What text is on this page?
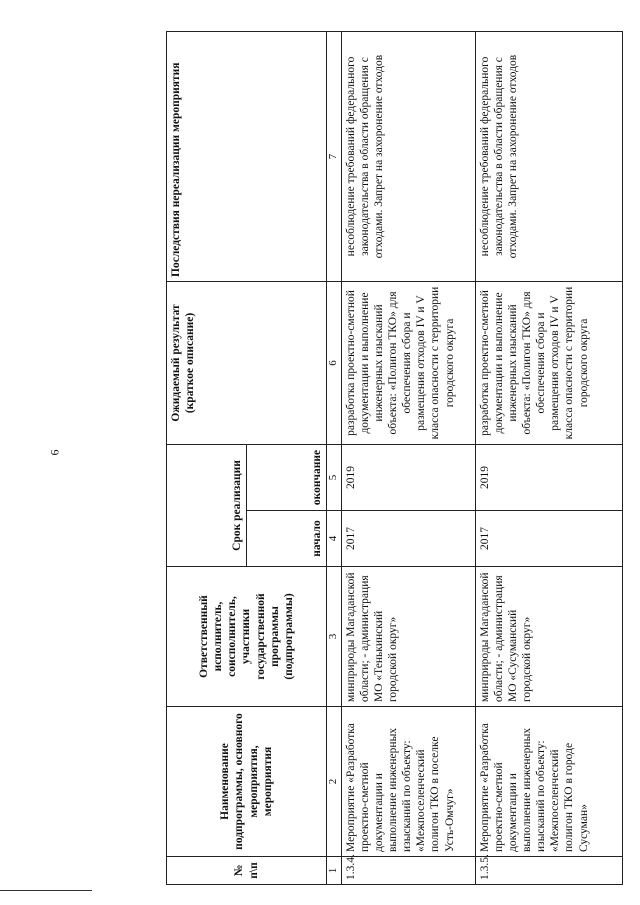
6
№ п\п	Наименование подпрограммы, основного мероприятия, мероприятия	Ответственный исполнитель, соисполнитель, участники государственной программы (подпрограммы)	Срок реализации		Ожидаемый результат (краткое описание)	Последствия нереализации мероприятия
			начало	окончание		
1	2	3	4	5	6	7
1.3.4.	Мероприятие «Разработка проектно-сметной документации и выполнение инженерных изысканий по объекту: «Межпоселенческий полигон ТКО в поселке Усть-Омчуг»	минприроды Магаданской области; - администрация МО «Тенькинский городской округ»	2017	2019	разработка проектно-сметной документации и выполнение инженерных изысканий объекта: «Полигон ТКО» для обеспечения сбора и размещения отходов IV и V класса опасности с территории городского округа	несоблюдение требований федерального законодательства в области обращения с отходами. Запрет на захоронение отходов
1.3.5.	Мероприятие «Разработка проектно-сметной документации и выполнение инженерных изысканий по объекту: «Межпоселенческий полигон ТКО в городе Сусуман»	минприроды Магаданской области; - администрация МО «Сусуманский городской округ»	2017	2019	разработка проектно-сметной документации и выполнение инженерных изысканий объекта: «Полигон ТКО» для обеспечения сбора и размещения отходов IV и V класса опасности с территории городского округа	несоблюдение требований федерального законодательства в области обращения с отходами. Запрет на захоронение отходов
